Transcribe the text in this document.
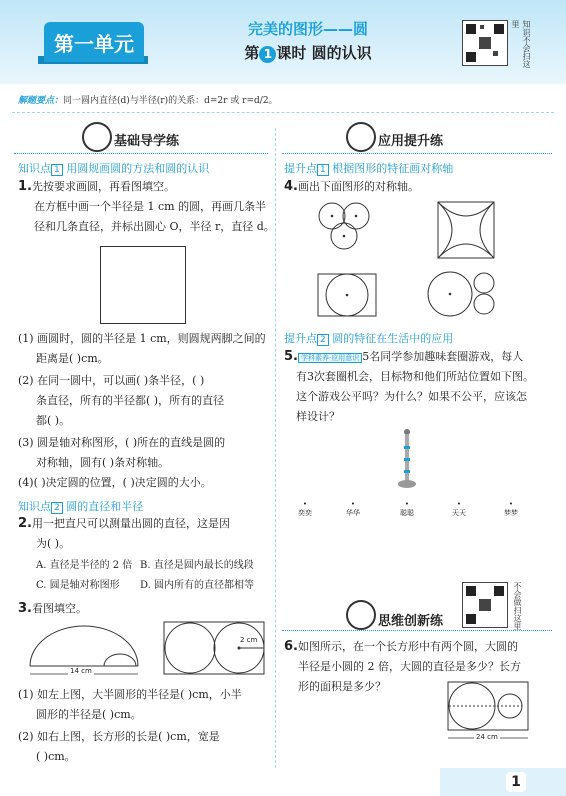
第一单元
完美的图形——圆
第 1 课时 圆的认识	知识不会扫这里
解题要点：同一圆内直径(d)与半径(r)的关系：d=2r 或 r=d/2。
基础导学练
知识点 1 用圆规画圆的方法和圆的认识
1.先按要求画圆，再看图填空。
在方框中画一个半径是 1 cm 的圆，再画几条半
径和几条直径，并标出圆心 O，半径 r，直径 d。
(1) 画圆时，圆的半径是 1 cm，则圆规两脚之间的
距离是( )cm。
(2) 在同一圆中，可以画( )条半径，( )
条直径，所有的半径都( )，所有的直径
都( )。
(3) 圆是轴对称图形，( )所在的直线是圆的
对称轴，圆有( )条对称轴。
(4)( )决定圆的位置，( )决定圆的大小。
知识点 2 圆的直径和半径
2.用一把直尺可以测量出圆的直径，这是因
为( )。
A. 直径是半径的 2 倍 B. 直径是圆内最长的线段
C. 圆是轴对称图形 D. 圆内所有的直径都相等
3.看图填空。
14 cm
2 cm
(1) 如左上图，大半圆形的半径是( )cm，小半
圆形的半径是( )cm。
(2) 如右上图，长方形的长是( )cm，宽是
( )cm。
应用提升练
提升点 1 根据图形的特征画对称轴
4.画出下面图形的对称轴。
提升点 2 圆的特征在生活中的应用
5. 学科素养·应用意识 5名同学参加趣味套圈游戏，每人
有3次套圈机会，目标物和他们所站位置如下图。
这个游戏公平吗？为什么？如果不公平，应该怎
样设计？
•
奕奕
•
华华
•
聪聪
•
天天
•
梦梦
不会做扫这里
思维创新练
6.如图所示，在一个长方形中有两个圆，大圆的
半径是小圆的 2 倍，大圆的直径是多少？长方
形的面积是多少？
24 cm
1
